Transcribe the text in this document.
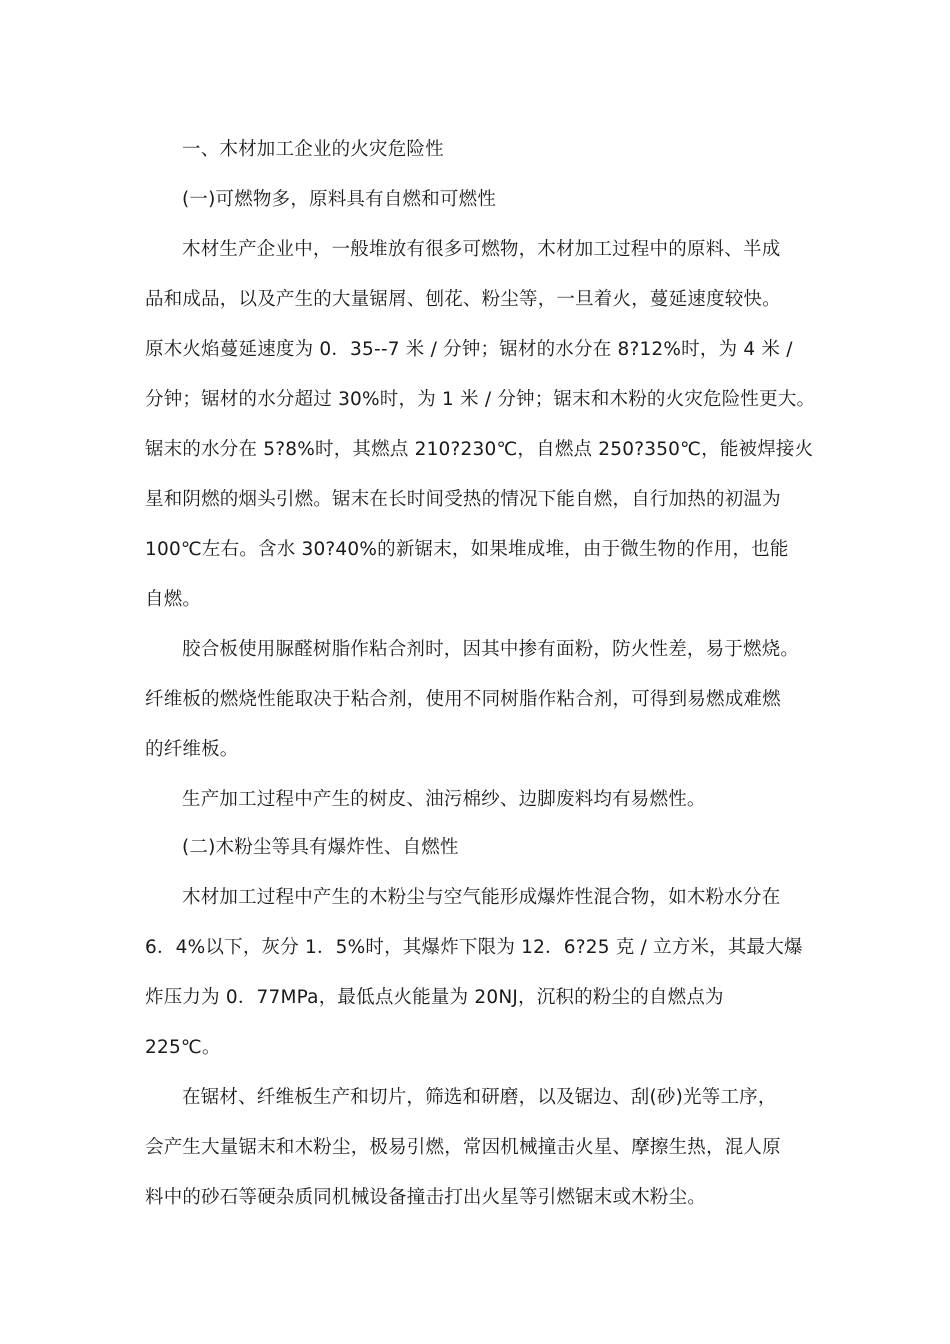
一、木材加工企业的火灾危险性
(一)可燃物多，原料具有自燃和可燃性
木材生产企业中，一般堆放有很多可燃物，木材加工过程中的原料、半成
品和成品，以及产生的大量锯屑、刨花、粉尘等，一旦着火，蔓延速度较快。
原木火焰蔓延速度为 0．35--7 米 / 分钟；锯材的水分在 8?12%时，为 4 米 /
分钟；锯材的水分超过 30%时，为 1 米 / 分钟；锯末和木粉的火灾危险性更大。
锯末的水分在 5?8%时，其燃点 210?230℃，自燃点 250?350℃，能被焊接火
星和阴燃的烟头引燃。锯末在长时间受热的情况下能自燃，自行加热的初温为
100℃左右。含水 30?40%的新锯末，如果堆成堆，由于微生物的作用，也能
自燃。
胶合板使用脲醛树脂作粘合剂时，因其中掺有面粉，防火性差，易于燃烧。
纤维板的燃烧性能取决于粘合剂，使用不同树脂作粘合剂，可得到易燃成难燃
的纤维板。
生产加工过程中产生的树皮、油污棉纱、边脚废料均有易燃性。
(二)木粉尘等具有爆炸性、自燃性
木材加工过程中产生的木粉尘与空气能形成爆炸性混合物，如木粉水分在
6．4%以下，灰分 1．5%时，其爆炸下限为 12．6?25 克 / 立方米，其最大爆
炸压力为 0．77MPa，最低点火能量为 20NJ，沉积的粉尘的自燃点为
225℃。
在锯材、纤维板生产和切片，筛选和研磨，以及锯边、刮(砂)光等工序，
会产生大量锯末和木粉尘，极易引燃，常因机械撞击火星、摩擦生热，混人原
料中的砂石等硬杂质同机械设备撞击打出火星等引燃锯末或木粉尘。
